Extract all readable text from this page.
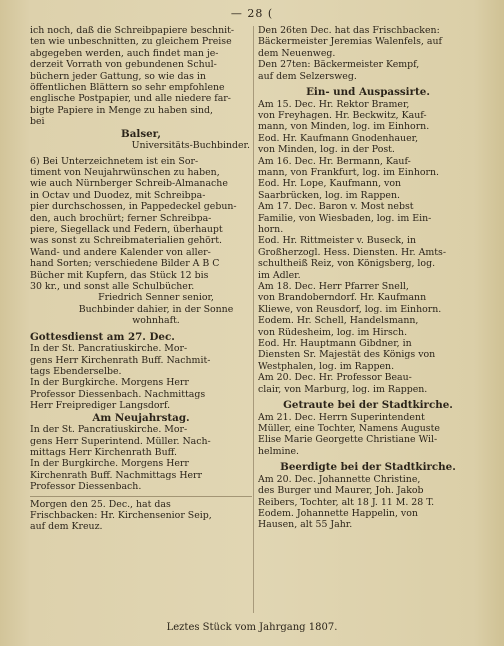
— 28 (
ich noch, daß die Schreibpapiere beschnit-
ten wie unbeschnitten, zu gleichem Preise
abgegeben werden, auch findet man je-
derzeit Vorrath von gebundenen Schul-
büchern jeder Gattung, so wie das in
öffentlichen Blättern so sehr empfohlene
englische Postpapier, und alle niedere far-
bigte Papiere in Menge zu haben sind,
bei
Balser,
Universitäts-Buchbinder.
6) Bei Unterzeichnetem ist ein Sor-
timent von Neujahrwünschen zu haben,
wie auch Nürnberger Schreib-Almanache
in Octav und Duodez, mit Schreibpa-
pier durchschossen, in Pappedeckel gebun-
den, auch brochürt; ferner Schreibpa-
piere, Siegellack und Federn, überhaupt
was sonst zu Schreibmaterialien gehört.
Wand- und andere Kalender von aller-
hand Sorten; verschiedene Bilder A B C
Bücher mit Kupfern, das Stück 12 bis
30 kr., und sonst alle Schulbücher.
Friedrich Senner senior,
Buchbinder dahier, in der Sonne
wohnhaft.
Gottesdienst am 27. Dec.
In der St. Pancratiuskirche. Mor-
gens Herr Kirchenrath Buff. Nachmit-
tags Ebenderselbe.
In der Burgkirche. Morgens Herr
Professor Diessenbach. Nachmittags
Herr Freiprediger Langsdorf.
Am Neujahrstag.
In der St. Pancratiuskirche. Mor-
gens Herr Superintend. Müller. Nach-
mittags Herr Kirchenrath Buff.
In der Burgkirche. Morgens Herr
Kirchenrath Buff. Nachmittags Herr
Professor Diessenbach.
Morgen den 25. Dec., hat das
Frischbacken: Hr. Kirchensenior Seip,
auf dem Kreuz.
Den 26ten Dec. hat das Frischbacken:
Bäckermeister Jeremias Walenfels, auf
dem Neuenweg.
Den 27ten: Bäckermeister Kempf,
auf dem Selzersweg.
Ein- und Auspassirte.
Am 15. Dec. Hr. Rektor Bramer,
von Freyhagen. Hr. Beckwitz, Kauf-
mann, von Minden, log. im Einhorn.
Eod. Hr. Kaufmann Gnodenhauer,
von Minden, log. in der Post.
Am 16. Dec. Hr. Bermann, Kauf-
mann, von Frankfurt, log. im Einhorn.
Eod. Hr. Lope, Kaufmann, von
Saarbrücken, log. im Rappen.
Am 17. Dec. Baron v. Most nebst
Familie, von Wiesbaden, log. im Ein-
horn.
Eod. Hr. Rittmeister v. Buseck, in
Großherzogl. Hess. Diensten. Hr. Amts-
schultheiß Reiz, von Königsberg, log.
im Adler.
Am 18. Dec. Herr Pfarrer Snell,
von Brandoberndorf. Hr. Kaufmann
Kliewe, von Reusdorf, log. im Einhorn.
Eodem. Hr. Schell, Handelsmann,
von Rüdesheim, log. im Hirsch.
Eod. Hr. Hauptmann Gibdner, in
Diensten Sr. Majestät des Königs von
Westphalen, log. im Rappen.
Am 20. Dec. Hr. Professor Beau-
clair, von Marburg, log. im Rappen.
Getraute bei der Stadtkirche.
Am 21. Dec. Herrn Superintendent
Müller, eine Tochter, Namens Auguste
Elise Marie Georgette Christiane Wil-
helmine.
Beerdigte bei der Stadtkirche.
Am 20. Dec. Johannette Christine,
des Burger und Maurer, Joh. Jakob
Reibers, Tochter, alt 18 J. 11 M. 28 T.
Eodem. Johannette Happelin, von
Hausen, alt 55 Jahr.
Leztes Stück vom Jahrgang 1807.
